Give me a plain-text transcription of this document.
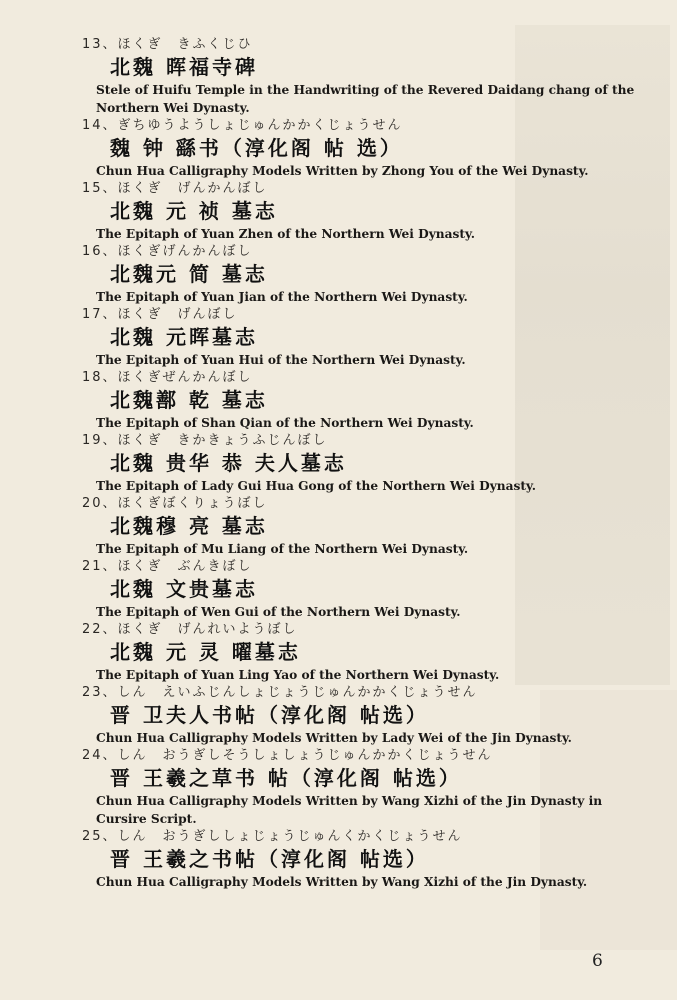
13、ほくぎ　きふくじひ
北魏 晖福寺碑
Stele of Huifu Temple in the Handwriting of the Revered Daidang chang of the Northern Wei Dynasty.
14、ぎちゆうようしょじゅんかかくじょうせん
魏 钟 繇书（淳化阁 帖 选）
Chun Hua Calligraphy Models Written by Zhong You of the Wei Dynasty.
15、ほくぎ　げんかんぼし
北魏 元 祯 墓志
The Epitaph of Yuan Zhen of the Northern Wei Dynasty.
16、ほくぎげんかんぼし
北魏元 简 墓志
The Epitaph of Yuan Jian of the Northern Wei Dynasty.
17、ほくぎ　げんぼし
北魏 元晖墓志
The Epitaph of Yuan Hui of the Northern Wei Dynasty.
18、ほくぎぜんかんぼし
北魏鄯 乾 墓志
The Epitaph of Shan Qian of the Northern Wei Dynasty.
19、ほくぎ　きかきょうふじんぼし
北魏 贵华 恭 夫人墓志
The Epitaph of Lady Gui Hua Gong of the Northern Wei Dynasty.
20、ほくぎぼくりょうぼし
北魏穆 亮 墓志
The Epitaph of Mu Liang of the Northern Wei Dynasty.
21、ほくぎ　ぶんきぼし
北魏 文贵墓志
The Epitaph of Wen Gui of the Northern Wei Dynasty.
22、ほくぎ　げんれいようぼし
北魏 元 灵 曜墓志
The Epitaph of Yuan Ling Yao of the Northern Wei Dynasty.
23、しん　えいふじんしょじょうじゅんかかくじょうせん
晋 卫夫人书帖（淳化阁 帖选）
Chun Hua Calligraphy Models Written by Lady Wei of the Jin Dynasty.
24、しん　おうぎしそうしょしょうじゅんかかくじょうせん
晋 王羲之草书 帖（淳化阁 帖选）
Chun Hua Calligraphy Models Written by Wang Xizhi of the Jin Dynasty in Cursire Script.
25、しん　おうぎししょじょうじゅんくかくじょうせん
晋 王羲之书帖（淳化阁 帖选）
Chun Hua Calligraphy Models Written by Wang Xizhi of the Jin Dynasty.
6
